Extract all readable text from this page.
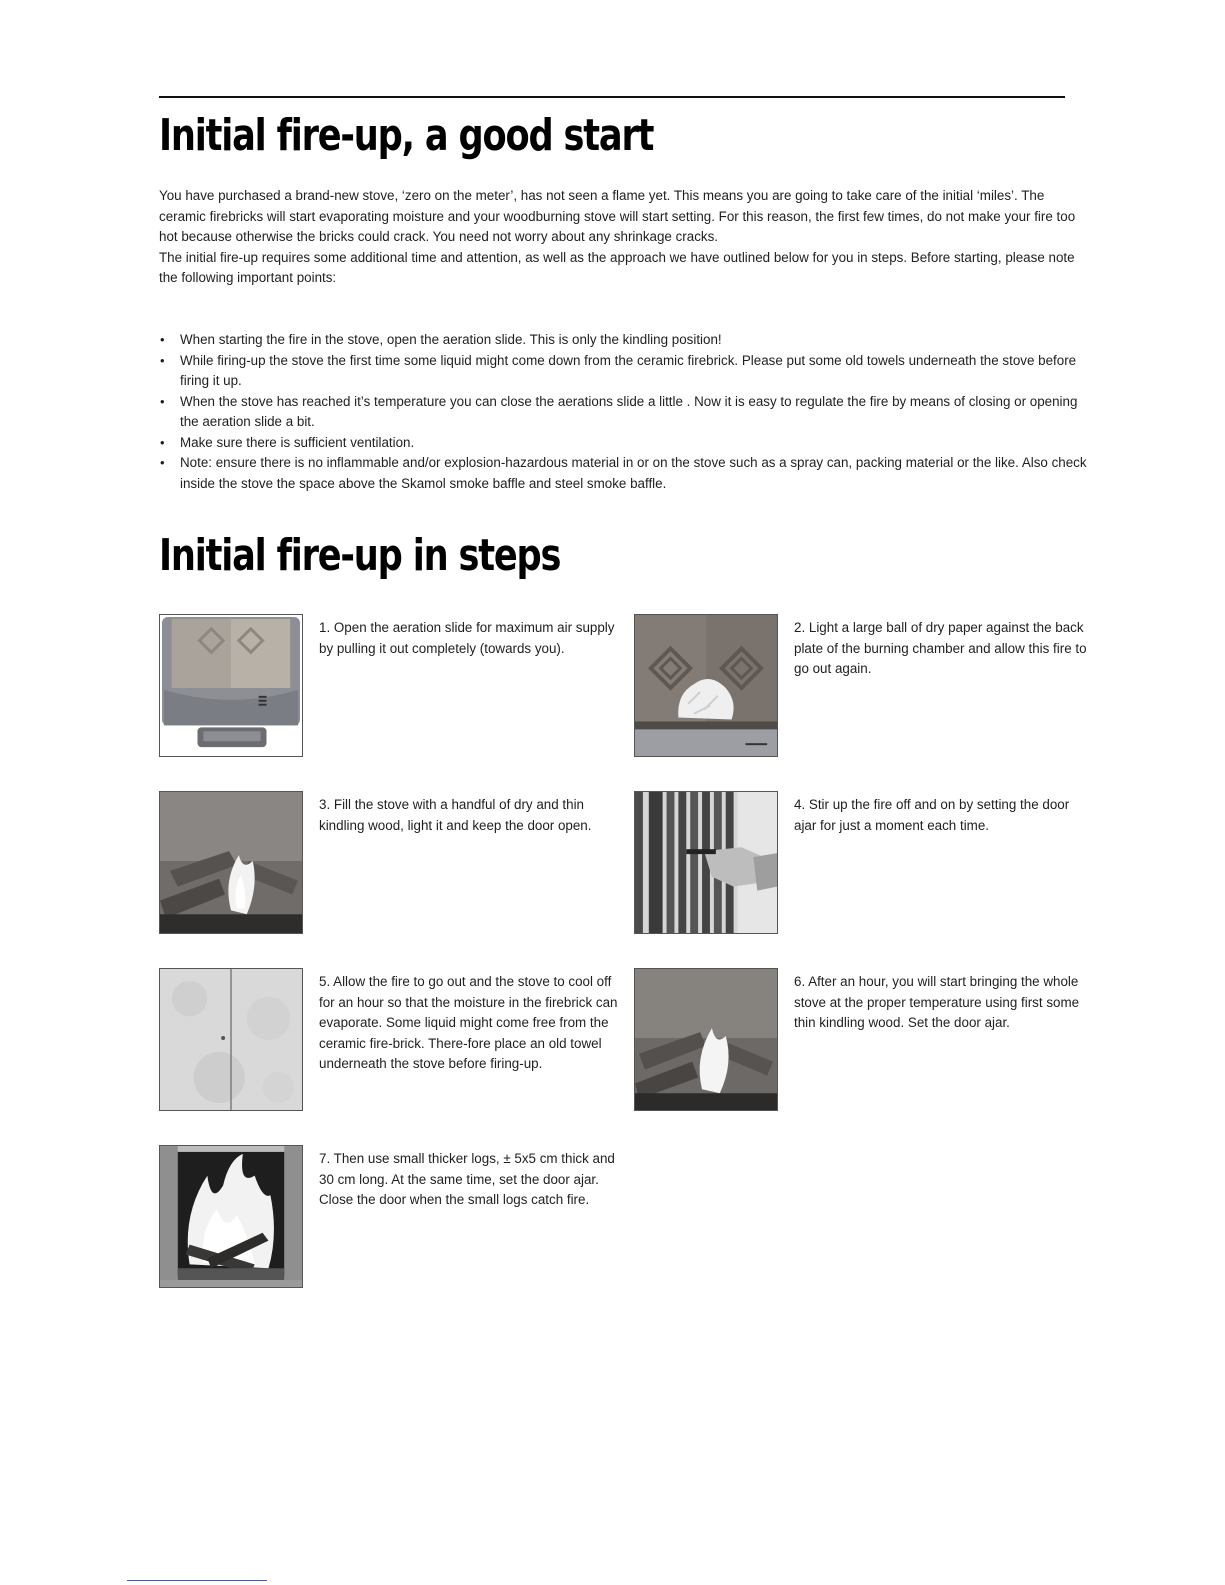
Initial fire-up, a good start

You have purchased a brand-new stove, ‘zero on the meter’, has not seen a flame yet. This means you are going to take care of the initial ‘miles’. The ceramic firebricks will start evaporating moisture and your woodburning stove will start setting. For this reason, the first few times, do not make your fire too hot because otherwise the bricks could crack. You need not worry about any shrinkage cracks.

The initial fire-up requires some additional time and attention, as well as the approach we have outlined below for you in steps. Before starting, please note the following important points:

• When starting the fire in the stove, open the aeration slide. This is only the kindling position!
• While firing-up the stove the first time some liquid might come down from the ceramic firebrick. Please put some old towels underneath the stove before firing it up.
• When the stove has reached it’s temperature you can close the aerations slide a little . Now it is easy to regulate the fire by means of closing or opening the aeration slide a bit.
• Make sure there is sufficient ventilation.
• Note: ensure there is no inflammable and/or explosion-hazardous material in or on the stove such as a spray can, packing material or the like. Also check inside the stove the space above the Skamol smoke baffle and steel smoke baffle.
Initial fire-up in steps
1. Open the aeration slide for maximum air supply by pulling it out completely (towards you).
2. Light a large ball of dry paper against the back plate of the burning chamber and allow this fire to go out again.
3. Fill the stove with a handful of dry and thin kindling wood, light it and keep the door open.
4. Stir up the fire off and on by setting the door ajar for just a moment each time.
5. Allow the fire to go out and the stove to cool off for an hour so that the moisture in the firebrick can evaporate. Some liquid might come free from the ceramic fire-brick. There-fore place an old towel underneath the stove before firing-up.
6. After an hour, you will start bringing the whole stove at the proper temperature using first some thin kindling wood. Set the door ajar.
7. Then use small thicker logs, ± 5x5 cm thick and 30 cm long. At the same time, set the door ajar. Close the door when the small logs catch fire.
